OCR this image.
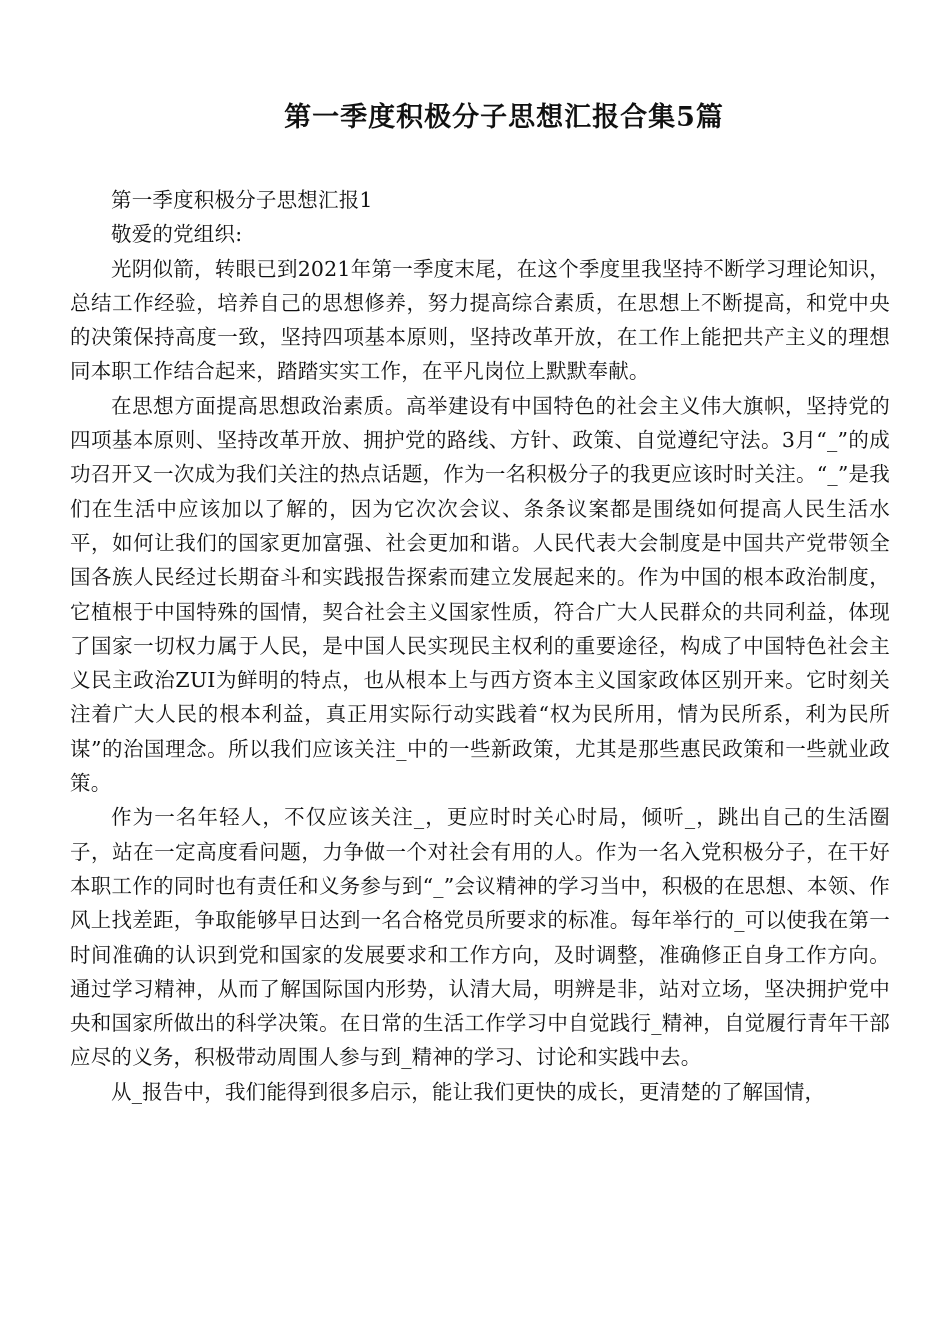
第一季度积极分子思想汇报合集5篇

第一季度积极分子思想汇报1

敬爱的党组织:

光阴似箭，转眼已到2021年第一季度末尾，在这个季度里我坚持不断学习理论知识，总结工作经验，培养自己的思想修养，努力提高综合素质，在思想上不断提高，和党中央的决策保持高度一致，坚持四项基本原则，坚持改革开放，在工作上能把共产主义的理想同本职工作结合起来，踏踏实实工作，在平凡岗位上默默奉献。

在思想方面提高思想政治素质。高举建设有中国特色的社会主义伟大旗帜，坚持党的四项基本原则、坚持改革开放、拥护党的路线、方针、政策、自觉遵纪守法。3月“_”的成功召开又一次成为我们关注的热点话题，作为一名积极分子的我更应该时时关注。“_”是我们在生活中应该加以了解的，因为它次次会议、条条议案都是围绕如何提高人民生活水平，如何让我们的国家更加富强、社会更加和谐。人民代表大会制度是中国共产党带领全国各族人民经过长期奋斗和实践报告探索而建立发展起来的。作为中国的根本政治制度，它植根于中国特殊的国情，契合社会主义国家性质，符合广大人民群众的共同利益，体现了国家一切权力属于人民，是中国人民实现民主权利的重要途径，构成了中国特色社会主义民主政治ZUI为鲜明的特点，也从根本上与西方资本主义国家政体区别开来。它时刻关注着广大人民的根本利益，真正用实际行动实践着“权为民所用，情为民所系，利为民所谋”的治国理念。所以我们应该关注_中的一些新政策，尤其是那些惠民政策和一些就业政策。

作为一名年轻人，不仅应该关注_，更应时时关心时局，倾听_，跳出自己的生活圈子，站在一定高度看问题，力争做一个对社会有用的人。作为一名入党积极分子，在干好本职工作的同时也有责任和义务参与到“_”会议精神的学习当中，积极的在思想、本领、作风上找差距，争取能够早日达到一名合格党员所要求的标准。每年举行的_可以使我在第一时间准确的认识到党和国家的发展要求和工作方向，及时调整，准确修正自身工作方向。通过学习精神，从而了解国际国内形势，认清大局，明辨是非，站对立场，坚决拥护党中央和国家所做出的科学决策。在日常的生活工作学习中自觉践行_精神，自觉履行青年干部应尽的义务，积极带动周围人参与到_精神的学习、讨论和实践中去。

从_报告中，我们能得到很多启示，能让我们更快的成长，更清楚的了解国情，
